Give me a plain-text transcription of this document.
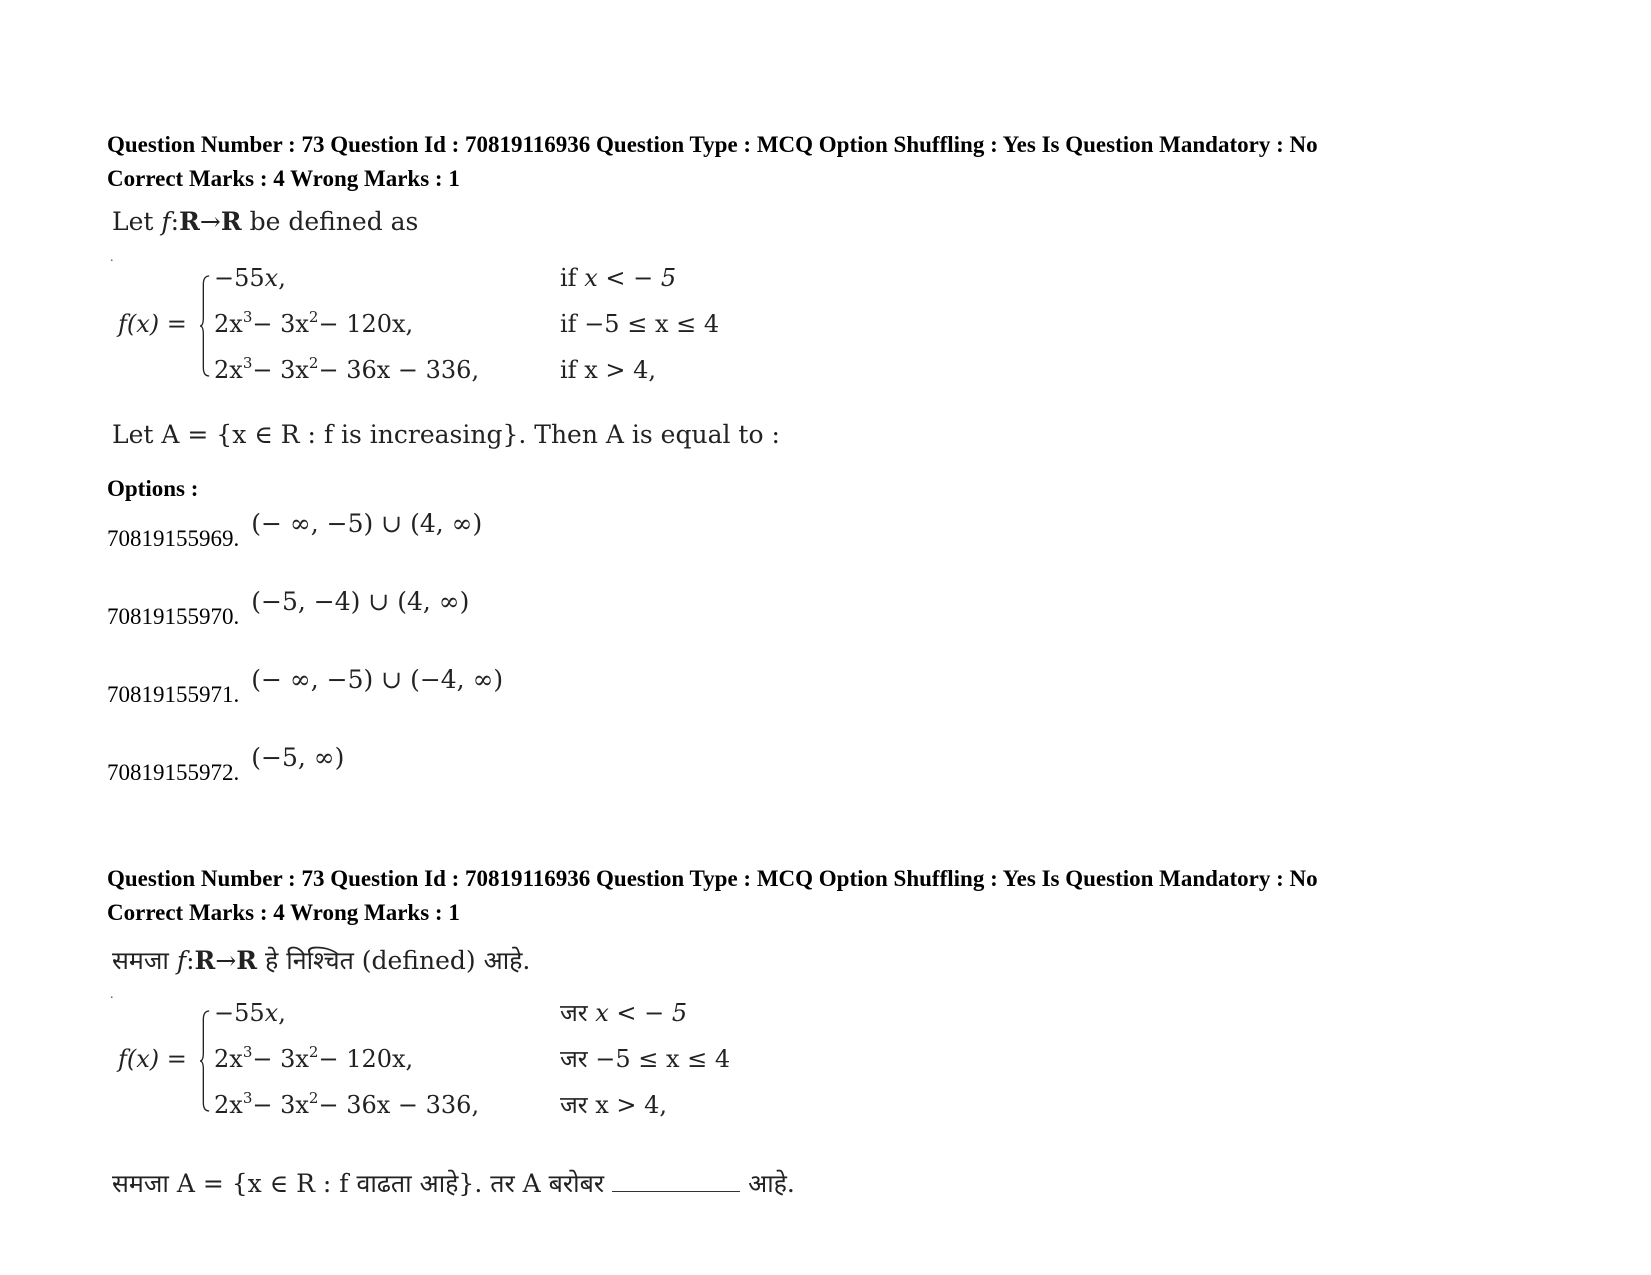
Question Number : 73 Question Id : 70819116936 Question Type : MCQ Option Shuffling : Yes Is Question Mandatory : No
Correct Marks : 4 Wrong Marks : 1
Let f:R→R be defined as
.
f(x) =
−55x,	if x < − 5
$2x^3- 3x^2- 120x$,	if −5 ≤ x ≤ 4
$2x^3- 3x^2- 36x - 336$,	if x > 4,
Let A = {x ∈ R : f is increasing}. Then A is equal to :
Options :
70819155969.(− ∞, −5) ∪ (4, ∞)
70819155970.(−5, −4) ∪ (4, ∞)
70819155971.(− ∞, −5) ∪ (−4, ∞)
70819155972.(−5, ∞)
Question Number : 73 Question Id : 70819116936 Question Type : MCQ Option Shuffling : Yes Is Question Mandatory : No
Correct Marks : 4 Wrong Marks : 1
समजा f:R→R हे निश्चित (defined) आहे.
.
f(x) =
−55x,	जर x < − 5
$2x^3- 3x^2- 120x$,	जर −5 ≤ x ≤ 4
$2x^3- 3x^2- 36x - 336$,	जर x > 4,
समजा A = {x ∈ R : f वाढता आहे}. तर A बरोबर	आहे.
